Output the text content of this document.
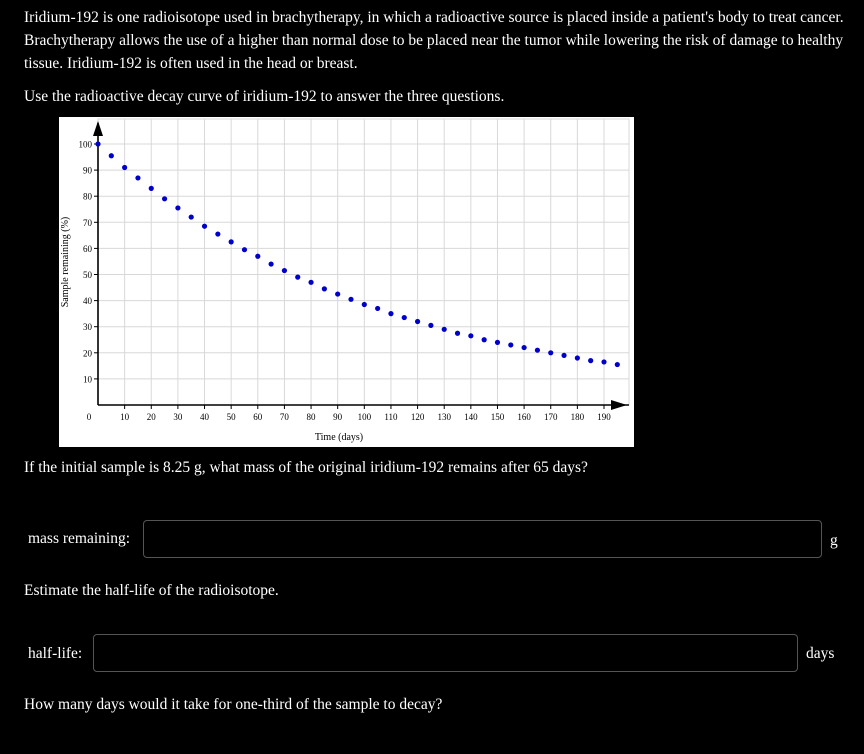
Iridium-192 is one radioisotope used in brachytherapy, in which a radioactive source is placed inside a patient's body to treat cancer. Brachytherapy allows the use of a higher than normal dose to be placed near the tumor while lowering the risk of damage to healthy tissue. Iridium-192 is often used in the head or breast.

Use the radioactive decay curve of iridium-192 to answer the three questions.

10
20
30
40
50
60
70
80
90
100
0	10 20 30 40 50 60 70 80 90 100 110 120 130 140 150 160 170 180 190
Time (days)
Sample remaining (%)

If the initial sample is 8.25 g, what mass of the original iridium-192 remains after 65 days?

mass remaining:	g

Estimate the half-life of the radioisotope.

half-life:	days

How many days would it take for one-third of the sample to decay?
